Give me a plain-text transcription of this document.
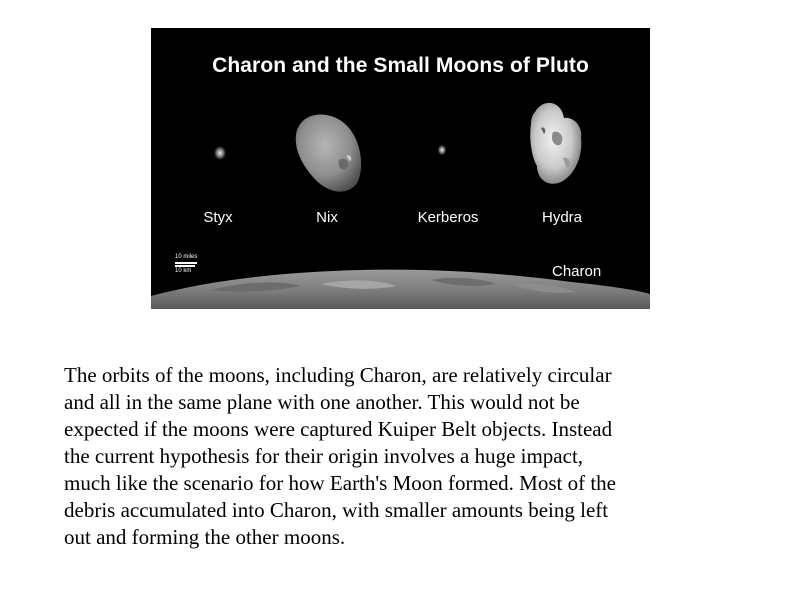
Charon and the Small Moons of Pluto
Styx	Nix	Kerberos	Hydra
Charon
10 miles
10 km
The orbits of the moons, including Charon, are relatively circular
and all in the same plane with one another. This would not be
expected if the moons were captured Kuiper Belt objects. Instead
the current hypothesis for their origin involves a huge impact,
much like the scenario for how Earth's Moon formed. Most of the
debris accumulated into Charon, with smaller amounts being left
out and forming the other moons.
